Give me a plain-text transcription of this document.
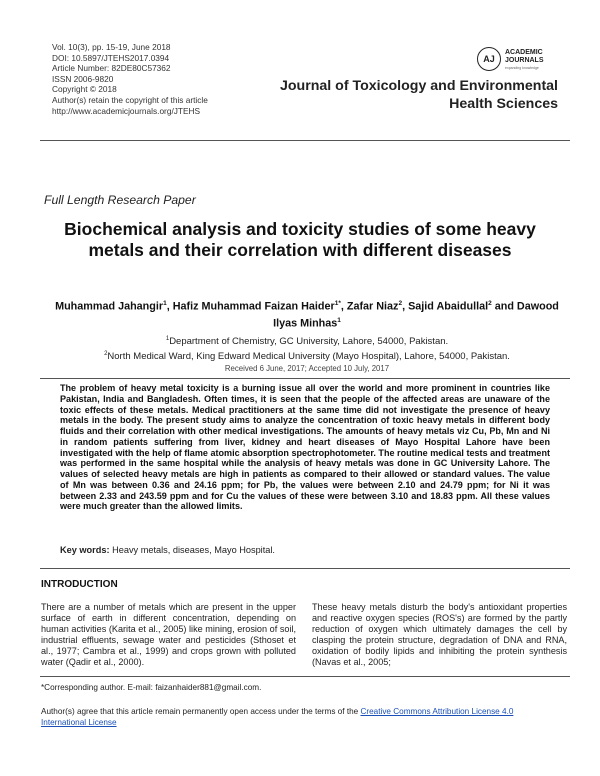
Vol. 10(3), pp. 15-19, June 2018
DOI: 10.5897/JTEHS2017.0394
Article Number: 82DE80C57362
ISSN 2006-9820
Copyright © 2018
Author(s) retain the copyright of this article
http://www.academicjournals.org/JTEHS
AJ
ACADEMIC
JOURNALS
expanding knowledge
Journal of Toxicology and Environmental
Health Sciences
Full Length Research Paper
Biochemical analysis and toxicity studies of some heavy metals and their correlation with different diseases
Muhammad Jahangir$^1$, Hafiz Muhammad Faizan Haider$^{1*}$, Zafar Niaz$^2$, Sajid Abaidullal$^2$ and Dawood Ilyas Minhas$^1$
$^1$Department of Chemistry, GC University, Lahore, 54000, Pakistan.
$^2$North Medical Ward, King Edward Medical University (Mayo Hospital), Lahore, 54000, Pakistan.
Received 6 June, 2017; Accepted 10 July, 2017
The problem of heavy metal toxicity is a burning issue all over the world and more prominent in countries like Pakistan, India and Bangladesh. Often times, it is seen that the people of the affected areas are unaware of the toxic effects of these metals. Medical practitioners at the same time did not investigate the presence of heavy metals in the body. The present study aims to analyze the concentration of toxic heavy metals in different body fluids and their correlation with other medical investigations. The amounts of heavy metals viz Cu, Pb, Mn and Ni in random patients suffering from liver, kidney and heart diseases of Mayo Hospital Lahore have been investigated with the help of flame atomic absorption spectrophotometer. The routine medical tests and treatment was performed in the same hospital while the analysis of heavy metals was done in GC University Lahore. The values of selected heavy metals are high in patients as compared to their allowed or standard values. The value of Mn was between 0.36 and 24.16 ppm; for Pb, the values were between 2.10 and 24.79 ppm; for Ni it was between 2.33 and 243.59 ppm and for Cu the values of these were between 3.10 and 18.83 ppm. All these values were much greater than the allowed limits.
Key words: Heavy metals, diseases, Mayo Hospital.
INTRODUCTION
There are a number of metals which are present in the upper surface of earth in different concentration, depending on human activities (Karita et al., 2005) like mining, erosion of soil, industrial effluents, sewage water and pesticides (Sthoset et al., 1977; Cambra et al., 1999) and crops grown with polluted water (Qadir et al., 2000).
These heavy metals disturb the body's antioxidant properties and reactive oxygen species (ROS's) are formed by the partly reduction of oxygen which ultimately damages the cell by clasping the protein structure, degradation of DNA and RNA, oxidation of bodily lipids and inhibiting the protein synthesis (Navas et al., 2005;
*Corresponding author. E-mail: faizanhaider881@gmail.com.
Author(s) agree that this article remain permanently open access under the terms of the Creative Commons Attribution License 4.0 International License
